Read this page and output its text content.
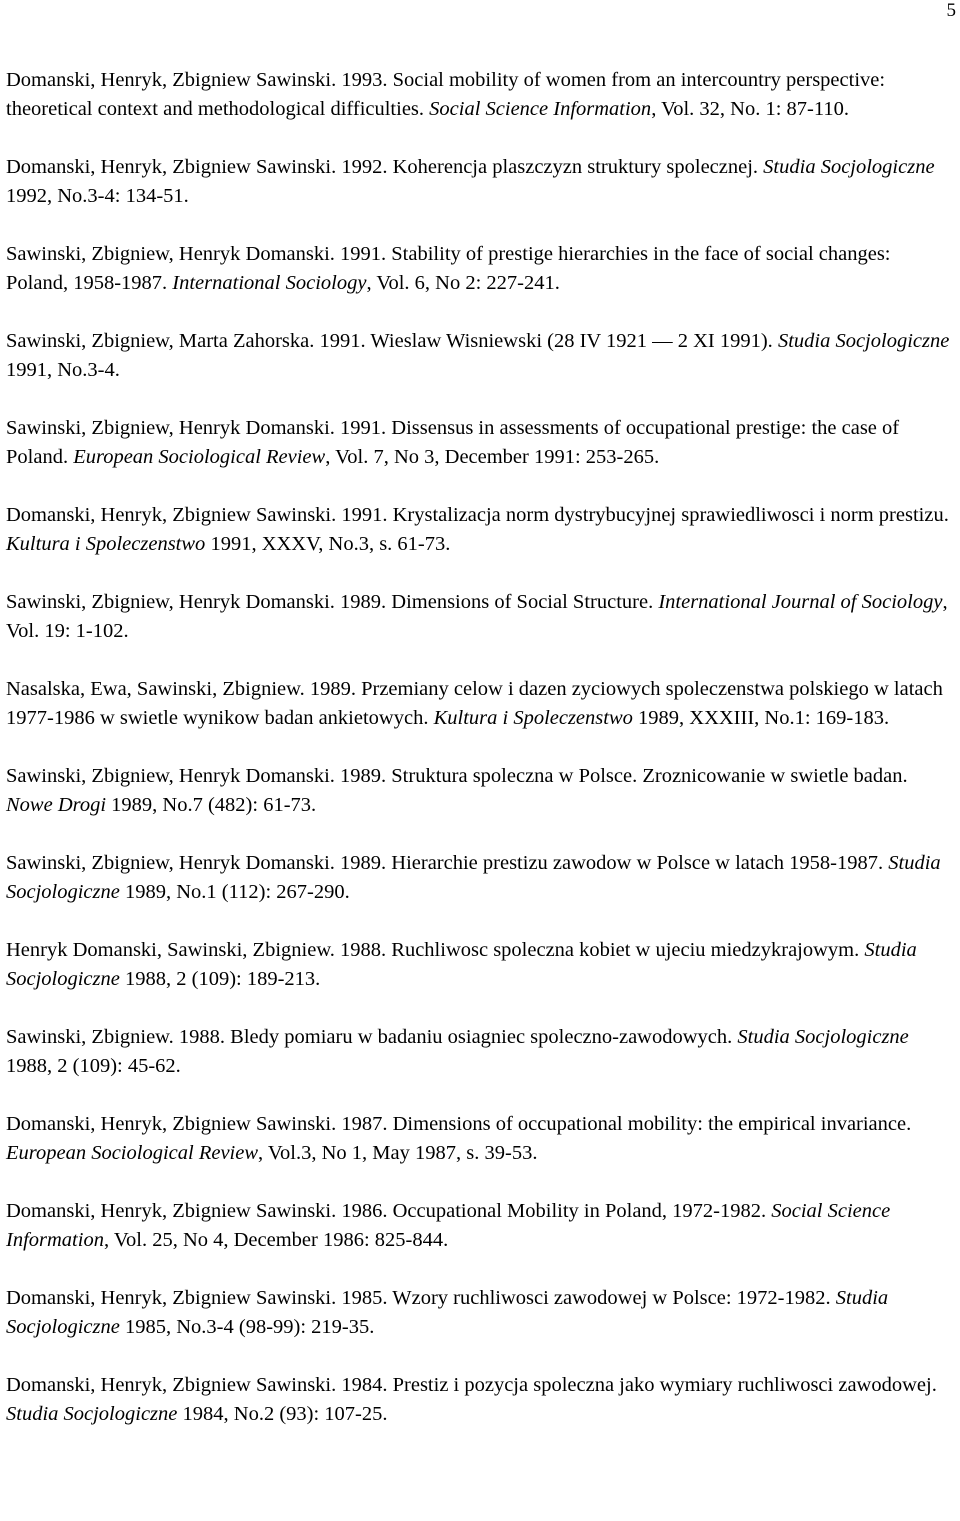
5

Domanski, Henryk, Zbigniew Sawinski. 1993. Social mobility of women from an intercountry perspective: theoretical context and methodological difficulties. Social Science Information, Vol. 32, No. 1: 87-110.

Domanski, Henryk, Zbigniew Sawinski. 1992. Koherencja plaszczyzn struktury spolecznej. Studia Socjologiczne 1992, No.3-4: 134-51.

Sawinski, Zbigniew, Henryk Domanski. 1991. Stability of prestige hierarchies in the face of social changes: Poland, 1958-1987. International Sociology, Vol. 6, No 2: 227-241.

Sawinski, Zbigniew, Marta Zahorska. 1991. Wieslaw Wisniewski (28 IV 1921 — 2 XI 1991). Studia Socjologiczne 1991, No.3-4.

Sawinski, Zbigniew, Henryk Domanski. 1991. Dissensus in assessments of occupational prestige: the case of Poland. European Sociological Review, Vol. 7, No 3, December 1991: 253-265.

Domanski, Henryk, Zbigniew Sawinski. 1991. Krystalizacja norm dystrybucyjnej sprawiedliwosci i norm prestizu. Kultura i Spoleczenstwo 1991, XXXV, No.3, s. 61-73.

Sawinski, Zbigniew, Henryk Domanski. 1989. Dimensions of Social Structure. International Journal of Sociology, Vol. 19: 1-102.

Nasalska, Ewa, Sawinski, Zbigniew. 1989. Przemiany celow i dazen zyciowych spoleczenstwa polskiego w latach 1977-1986 w swietle wynikow badan ankietowych. Kultura i Spoleczenstwo 1989, XXXIII, No.1: 169-183.

Sawinski, Zbigniew, Henryk Domanski. 1989. Struktura spoleczna w Polsce. Zroznicowanie w swietle badan. Nowe Drogi 1989, No.7 (482): 61-73.

Sawinski, Zbigniew, Henryk Domanski. 1989. Hierarchie prestizu zawodow w Polsce w latach 1958-1987. Studia Socjologiczne 1989, No.1 (112): 267-290.

Henryk Domanski, Sawinski, Zbigniew. 1988. Ruchliwosc spoleczna kobiet w ujeciu miedzykrajowym. Studia Socjologiczne 1988, 2 (109): 189-213.

Sawinski, Zbigniew. 1988. Bledy pomiaru w badaniu osiagniec spoleczno-zawodowych. Studia Socjologiczne 1988, 2 (109): 45-62.

Domanski, Henryk, Zbigniew Sawinski. 1987. Dimensions of occupational mobility: the empirical invariance. European Sociological Review, Vol.3, No 1, May 1987, s. 39-53.

Domanski, Henryk, Zbigniew Sawinski. 1986. Occupational Mobility in Poland, 1972-1982. Social Science Information, Vol. 25, No 4, December 1986: 825-844.

Domanski, Henryk, Zbigniew Sawinski. 1985. Wzory ruchliwosci zawodowej w Polsce: 1972-1982. Studia Socjologiczne 1985, No.3-4 (98-99): 219-35.

Domanski, Henryk, Zbigniew Sawinski. 1984. Prestiz i pozycja spoleczna jako wymiary ruchliwosci zawodowej. Studia Socjologiczne 1984, No.2 (93): 107-25.
